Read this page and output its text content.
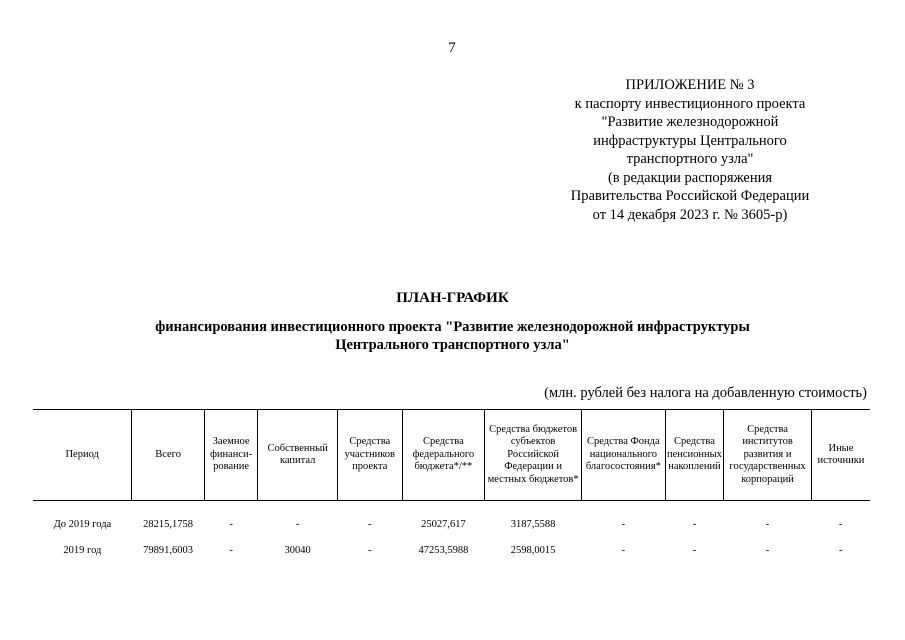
7
ПРИЛОЖЕНИЕ № 3
к паспорту инвестиционного проекта
"Развитие железнодорожной
инфраструктуры Центрального
транспортного узла"
(в редакции распоряжения
Правительства Российской Федерации
от 14 декабря 2023 г. № 3605-р)
ПЛАН-ГРАФИК
финансирования инвестиционного проекта "Развитие железнодорожной инфраструктуры
Центрального транспортного узла"
(млн. рублей без налога на добавленную стоимость)
Период	Всего	Заемное финанси-рование	Собственный капитал	Средства участников проекта	Средства федерального бюджета*/**	Средства бюджетов субъектов Российской Федерации и местных бюджетов*	Средства Фонда национального благосостояния*	Средства пенсионных накоплений	Средства институтов развития и государственных корпораций	Иные источники
До 2019 года	28215,1758	-	-	-	25027,617	3187,5588	-	-	-	-
2019 год	79891,6003	-	30040	-	47253,5988	2598,0015	-	-	-	-
